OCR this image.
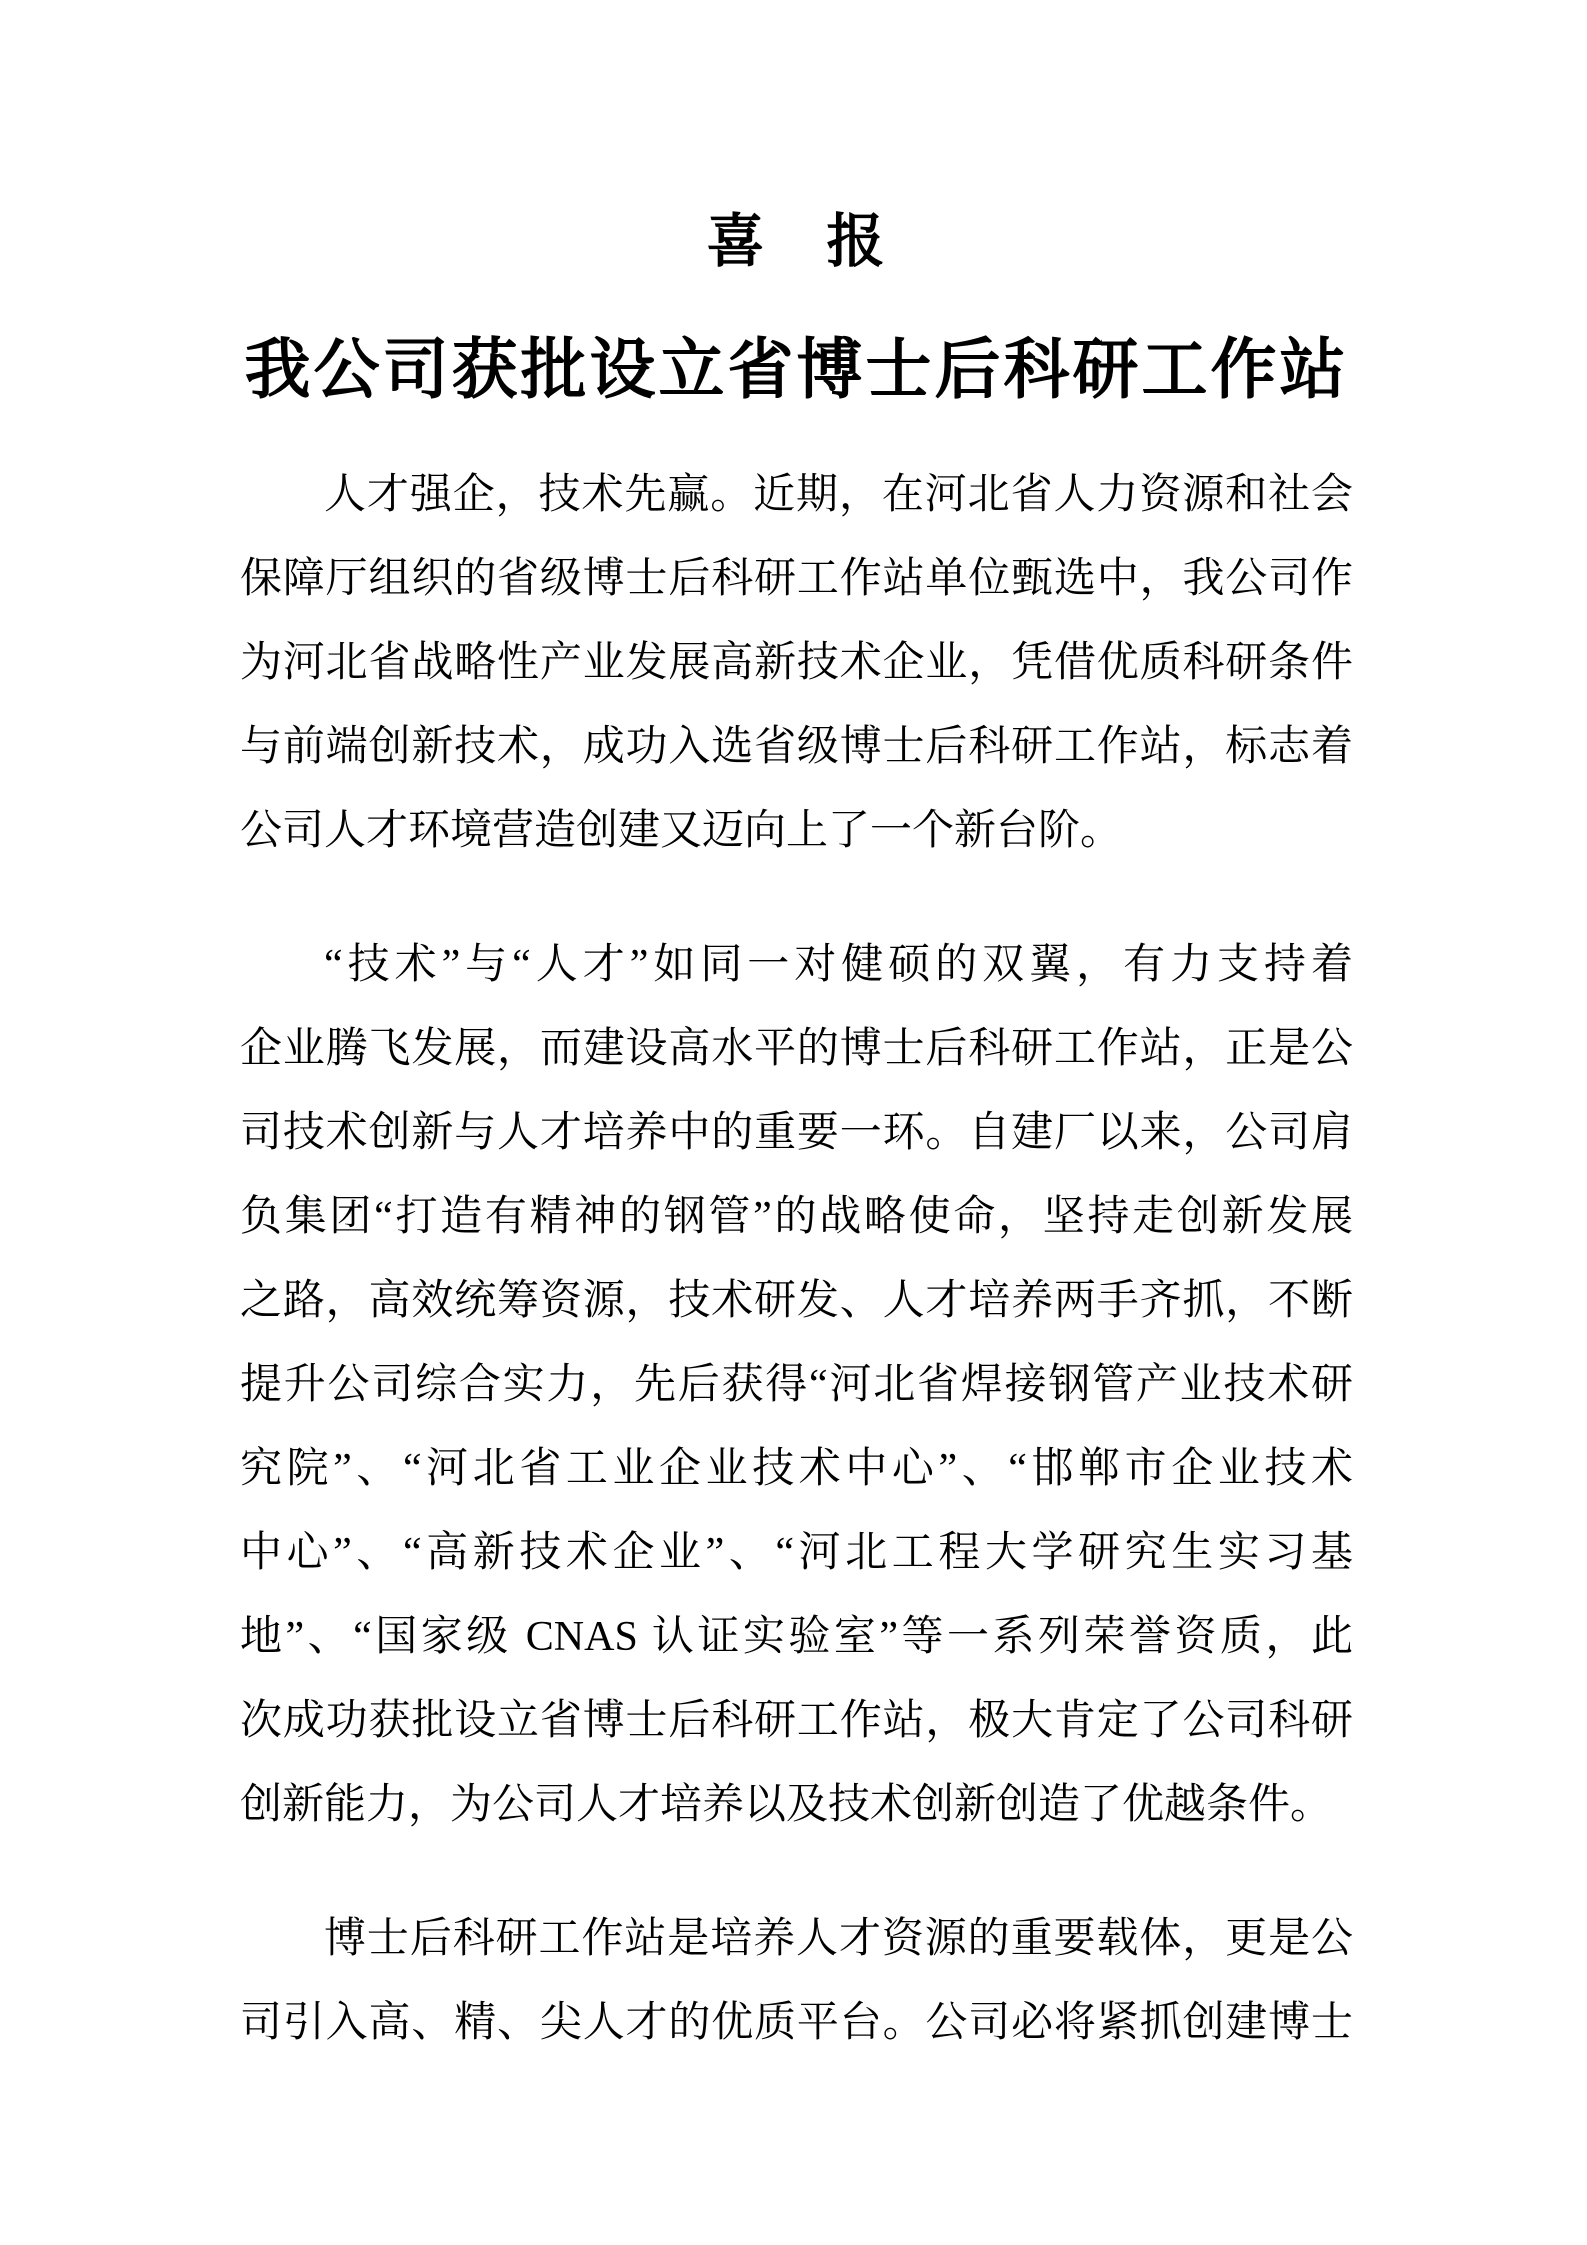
喜　报
我公司获批设立省博士后科研工作站
人才强企，技术先赢。近期，在河北省人力资源和社会
保障厅组织的省级博士后科研工作站单位甄选中，我公司作
为河北省战略性产业发展高新技术企业，凭借优质科研条件
与前端创新技术，成功入选省级博士后科研工作站，标志着
公司人才环境营造创建又迈向上了一个新台阶。
“技术”与“人才”如同一对健硕的双翼，有力支持着
企业腾飞发展，而建设高水平的博士后科研工作站，正是公
司技术创新与人才培养中的重要一环。自建厂以来，公司肩
负集团“打造有精神的钢管”的战略使命，坚持走创新发展
之路，高效统筹资源，技术研发、人才培养两手齐抓，不断
提升公司综合实力，先后获得“河北省焊接钢管产业技术研
究院”、“河北省工业企业技术中心”、“邯郸市企业技术
中心”、“高新技术企业”、“河北工程大学研究生实习基
地”、“国家级 CNAS 认证实验室”等一系列荣誉资质，此
次成功获批设立省博士后科研工作站，极大肯定了公司科研
创新能力，为公司人才培养以及技术创新创造了优越条件。
博士后科研工作站是培养人才资源的重要载体，更是公
司引入高、精、尖人才的优质平台。公司必将紧抓创建博士
